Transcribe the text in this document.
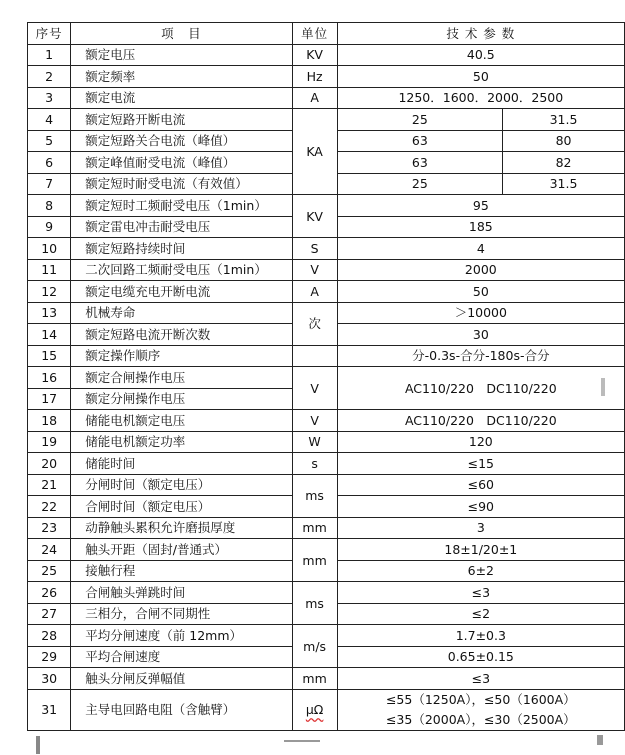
序号	项　目	单位	技 术 参 数	
1	额定电压	KV	40.5	
2	额定频率	Hz	50	
3	额定电流	A	1250．1600．2000．2500	
4	额定短路开断电流	KA	25	31.5
5	额定短路关合电流（峰值）		63	80
6	额定峰值耐受电流（峰值）		63	82
7	额定短时耐受电流（有效值）		25	31.5
8	额定短时工频耐受电压（1min）	KV	95	
9	额定雷电冲击耐受电压		185	
10	额定短路持续时间	S	4	
11	二次回路工频耐受电压（1min）	V	2000	
12	额定电缆充电开断电流	A	50	
13	机械寿命	次	＞10000	
14	额定短路电流开断次数		30	
15	额定操作顺序		分-0.3s-合分-180s-合分	
16	额定合闸操作电压	V	AC110/220　DC110/220	
17	额定分闸操作电压			
18	储能电机额定电压	V	AC110/220　DC110/220	
19	储能电机额定功率	W	120	
20	储能时间	s	≤15	
21	分闸时间（额定电压）	ms	≤60	
22	合闸时间（额定电压）		≤90	
23	动静触头累积允许磨损厚度	mm	3	
24	触头开距（固封/普通式）	mm	18±1/20±1	
25	接触行程		6±2	
26	合闸触头弹跳时间	ms	≤3	
27	三相分，合闸不同期性		≤2	
28	平均分闸速度（前 12mm）	m/s	1.7±0.3	
29	平均合闸速度		0.65±0.15	
30	触头分闸反弹幅值	mm	≤3	
31	主导电回路电阻（含触臂）	μΩ	≤55（1250A），≤50（1600A）
≤35（2000A），≤30（2500A）	
